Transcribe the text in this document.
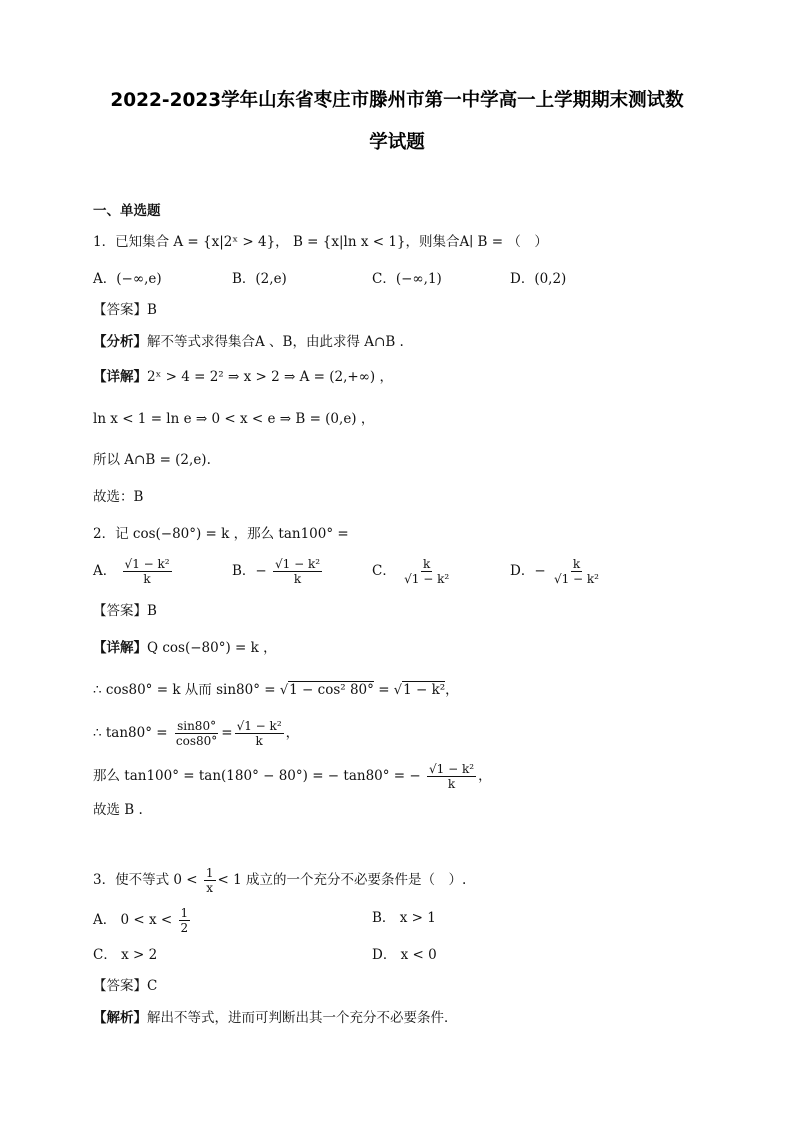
2022-2023学年山东省枣庄市滕州市第一中学高一上学期期末测试数
学试题
一、单选题
1．已知集合 A = {x|2ˣ > 4}， B = {x|ln x < 1}，则集合A∣ B = （　）
A．(−∞,e)	B．(2,e)	C．(−∞,1)	D．(0,2)
【答案】B
【分析】解不等式求得集合A 、B，由此求得 A∩B .
【详解】2ˣ > 4 = 2² ⇒ x > 2 ⇒ A = (2,+∞) ，
ln x < 1 = ln e ⇒ 0 < x < e ⇒ B = (0,e) ，
所以 A∩B = (2,e).
故选：B
2．记 cos(−80°) = k ，那么 tan100° =
A． $\frac{\text{√1 − k²}}{k}$	B．− $\frac{\text{√1 − k²}}{k}$	C． $\frac{k}{\text{√1 − k²}}$	D．− $\frac{k}{\text{√1 − k²}}$
【答案】B
【详解】Q cos(−80°) = k ，
∴ cos80° = k 从而 sin80° = √1 − cos² 80° = √1 − k²，
∴ $\tan 80^\circ = \frac{\sin 80^\circ}{\cos 80^\circ} = \frac{\text{√1 − k²}}{k}$ ，
那么 tan100° = tan(180° − 80°) = − tan80° = − $\frac{\text{√1 − k²}}{k}$ ，
故选 B .
3．使不等式 $0 < \frac{1}{x} < 1$ 成立的一个充分不必要条件是（　）.
A． $0 < x < \frac{1}{2}$	B． x > 1
C． x > 2	D． x < 0
【答案】C
【解析】解出不等式，进而可判断出其一个充分不必要条件．
